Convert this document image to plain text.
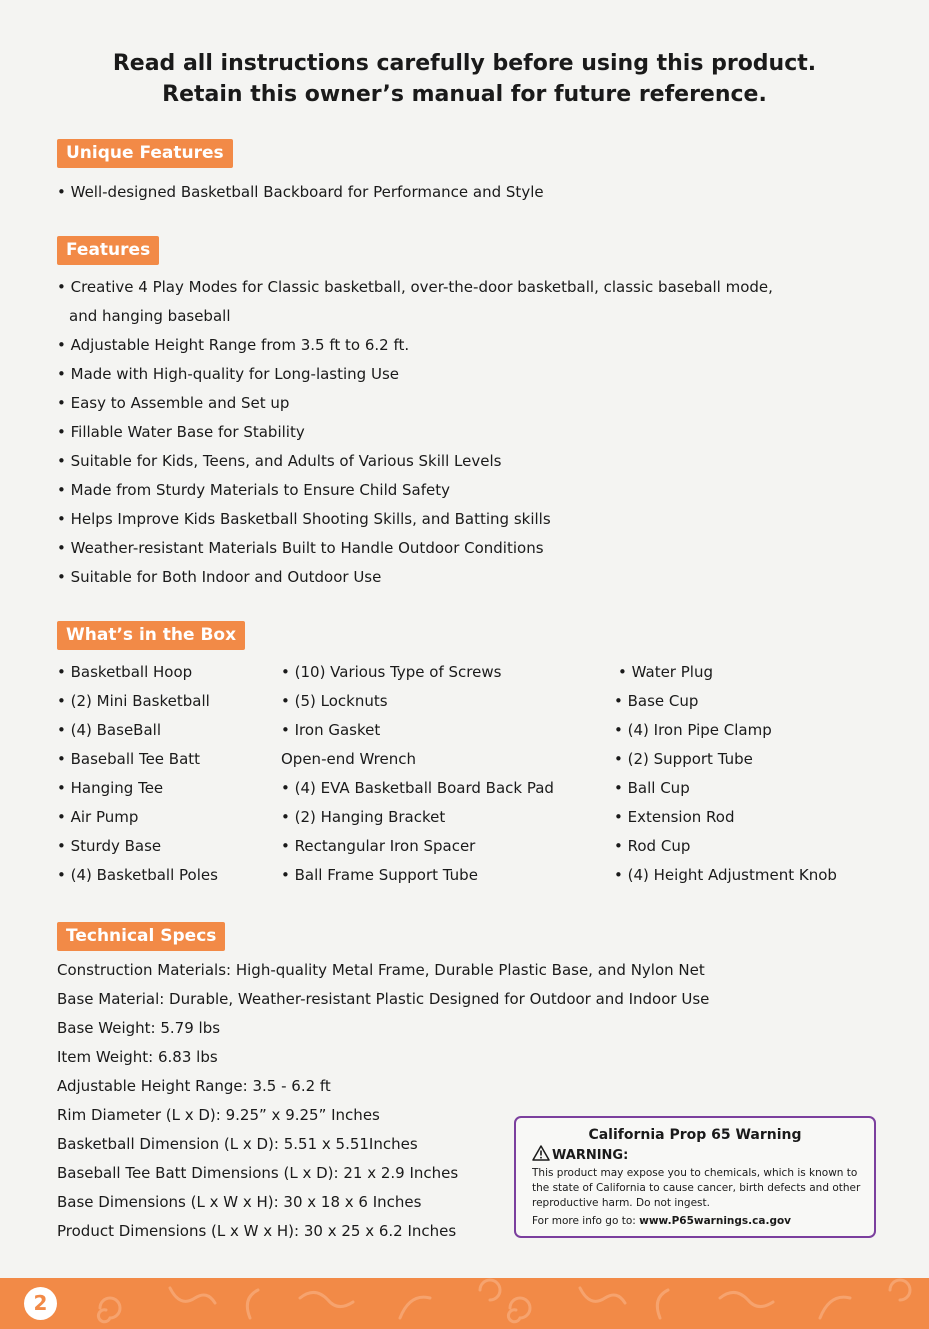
Read all instructions carefully before using this product.
Retain this owner’s manual for future reference.
Unique Features
• Well-designed Basketball Backboard for Performance and Style
Features
• Creative 4 Play Modes for Classic basketball, over-the-door basketball, classic baseball mode,
and hanging baseball
• Adjustable Height Range from 3.5 ft to 6.2 ft.
• Made with High-quality for Long-lasting Use
• Easy to Assemble and Set up
• Fillable Water Base for Stability
• Suitable for Kids, Teens, and Adults of Various Skill Levels
• Made from Sturdy Materials to Ensure Child Safety
• Helps Improve Kids Basketball Shooting Skills, and Batting skills
• Weather-resistant Materials Built to Handle Outdoor Conditions
• Suitable for Both Indoor and Outdoor Use
What’s in the Box
• Basketball Hoop
• (2) Mini Basketball
• (4) BaseBall
• Baseball Tee Batt
• Hanging Tee
• Air Pump
• Sturdy Base
• (4) Basketball Poles
• (10) Various Type of Screws
• (5) Locknuts
• Iron Gasket
Open-end Wrench
• (4) EVA Basketball Board Back Pad
• (2) Hanging Bracket
• Rectangular Iron Spacer
• Ball Frame Support Tube
• Water Plug
• Base Cup
• (4) Iron Pipe Clamp
• (2) Support Tube
• Ball Cup
• Extension Rod
• Rod Cup
• (4) Height Adjustment Knob
Technical Specs
Construction Materials: High-quality Metal Frame, Durable Plastic Base, and Nylon Net
Base Material: Durable, Weather-resistant Plastic Designed for Outdoor and Indoor Use
Base Weight: 5.79 lbs
Item Weight: 6.83 lbs
Adjustable Height Range: 3.5 - 6.2 ft
Rim Diameter (L x D): 9.25” x 9.25” Inches
Basketball Dimension (L x D): 5.51 x 5.51Inches
Baseball Tee Batt Dimensions (L x D): 21 x 2.9 Inches
Base Dimensions (L x W x H): 30 x 18 x 6 Inches
Product Dimensions (L x W x H): 30 x 25 x 6.2 Inches
California Prop 65 Warning
WARNING:
This product may expose you to chemicals, which is known to the state of California to cause cancer, birth defects and other reproductive harm. Do not ingest.
For more info go to: www.P65warnings.ca.gov
2
